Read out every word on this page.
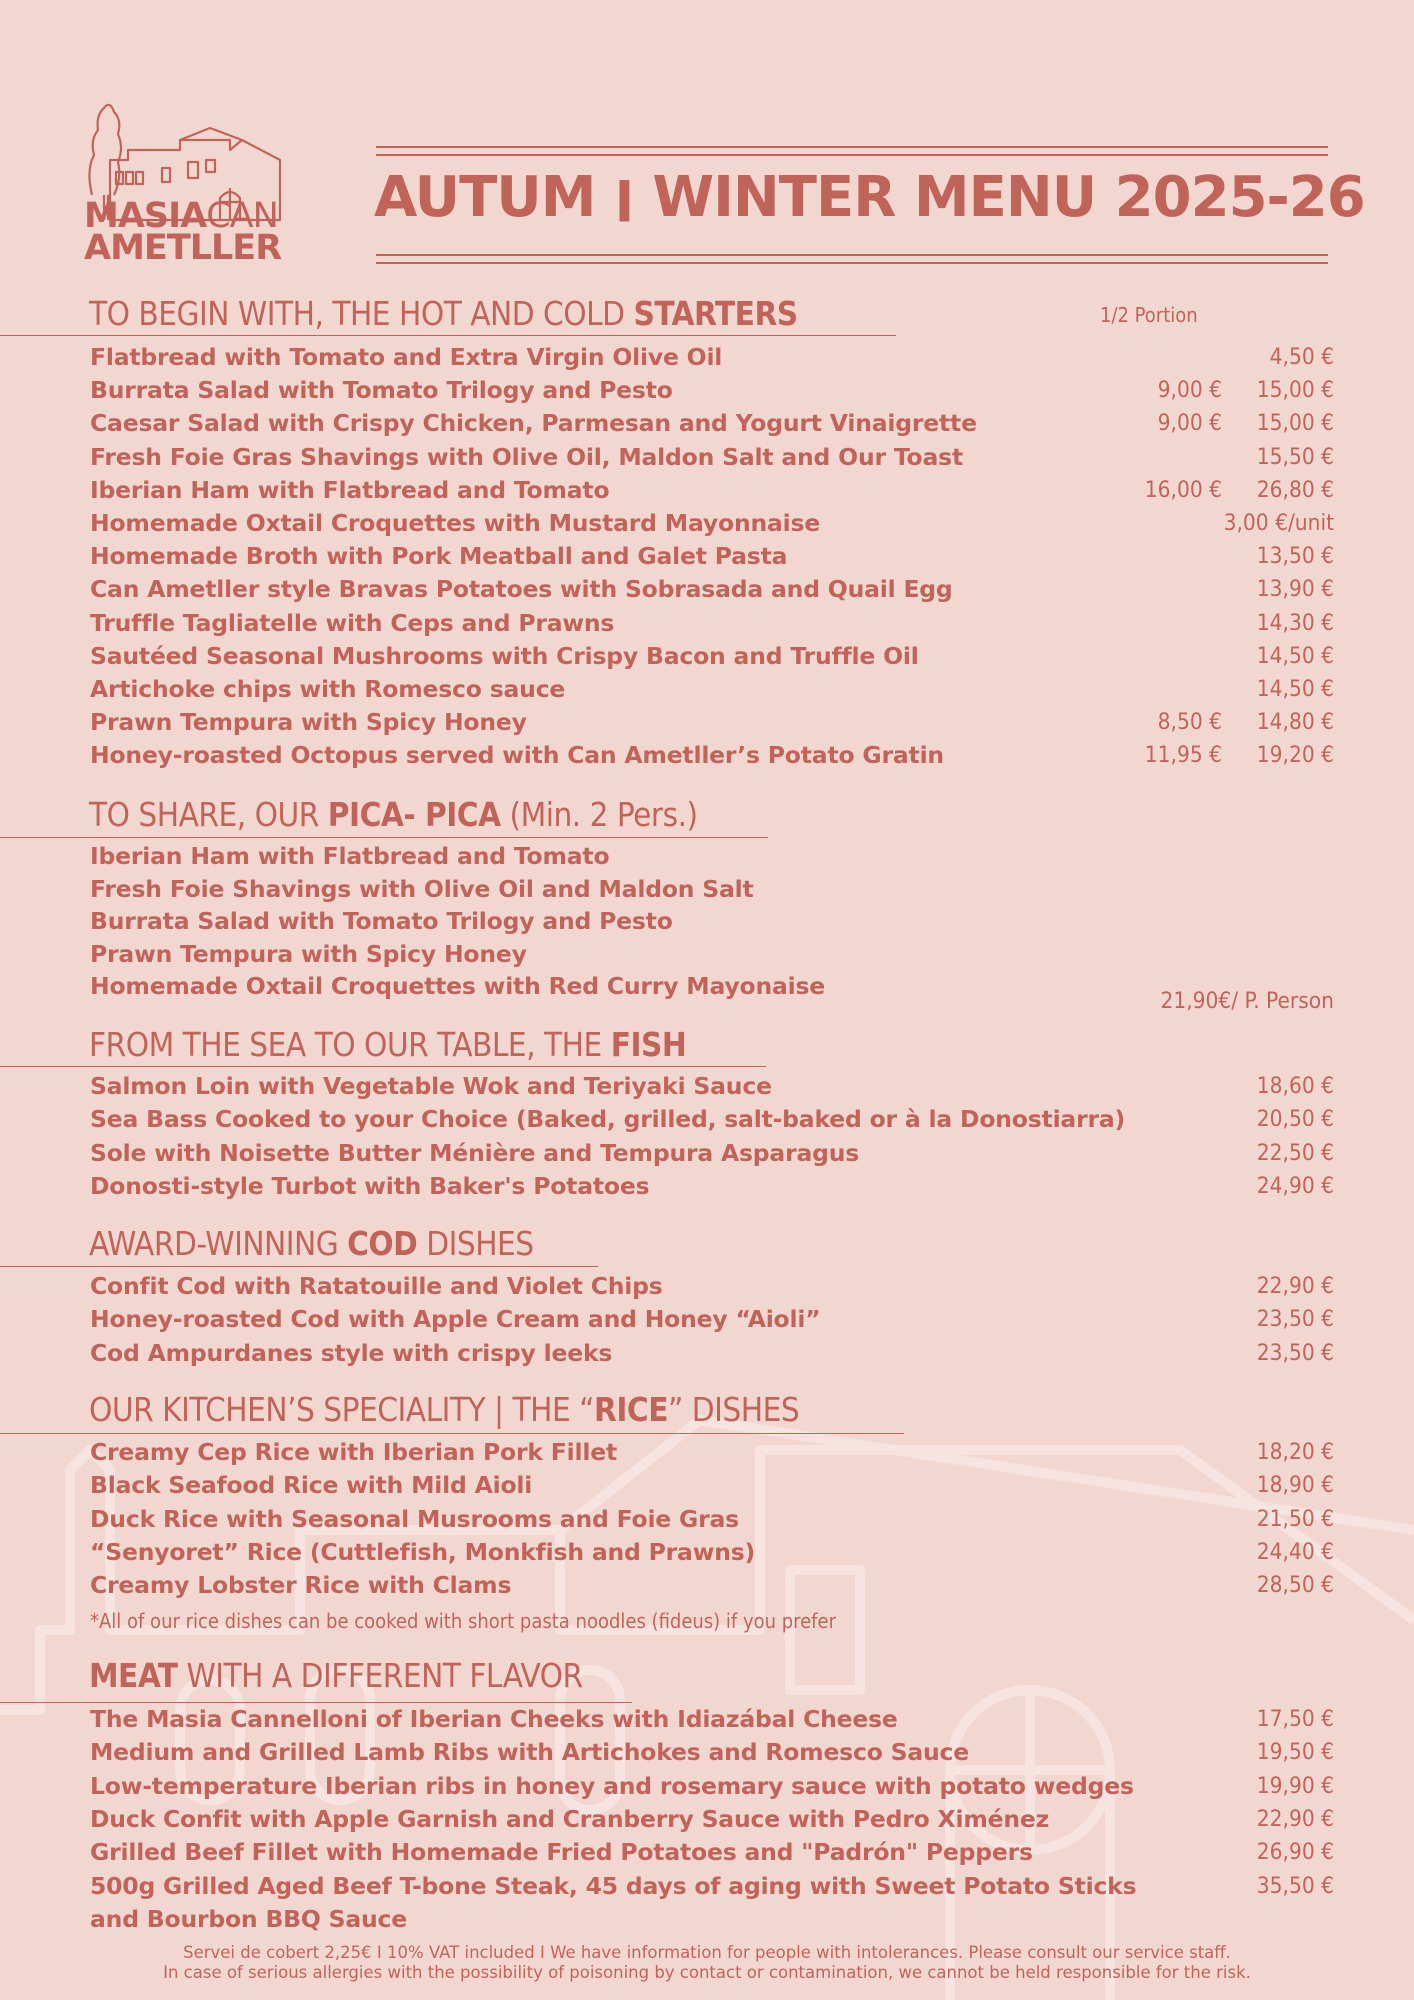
MASIACAN
AMETLLER
AUTUM ׀ WINTER MENU 2025-26
TO BEGIN WITH, THE HOT AND COLD STARTERS	1/2 Portion
Flatbread with Tomato and Extra Virgin Olive Oil	4,50 €
Burrata Salad with Tomato Trilogy and Pesto	9,00 € 15,00 €
Caesar Salad with Crispy Chicken, Parmesan and Yogurt Vinaigrette	9,00 € 15,00 €
Fresh Foie Gras Shavings with Olive Oil, Maldon Salt and Our Toast	15,50 €
Iberian Ham with Flatbread and Tomato	16,00 € 26,80 €
Homemade Oxtail Croquettes with Mustard Mayonnaise	3,00 €/unit
Homemade Broth with Pork Meatball and Galet Pasta	13,50 €
Can Ametller style Bravas Potatoes with Sobrasada and Quail Egg	13,90 €
Truffle Tagliatelle with Ceps and Prawns	14,30 €
Sautéed Seasonal Mushrooms with Crispy Bacon and Truffle Oil	14,50 €
Artichoke chips with Romesco sauce	14,50 €
Prawn Tempura with Spicy Honey	8,50 € 14,80 €
Honey-roasted Octopus served with Can Ametller’s Potato Gratin	11,95 € 19,20 €
TO SHARE, OUR PICA- PICA (Min. 2 Pers.)
Iberian Ham with Flatbread and Tomato
Fresh Foie Shavings with Olive Oil and Maldon Salt
Burrata Salad with Tomato Trilogy and Pesto
Prawn Tempura with Spicy Honey
Homemade Oxtail Croquettes with Red Curry Mayonaise
21,90€/ P. Person
FROM THE SEA TO OUR TABLE, THE FISH
Salmon Loin with Vegetable Wok and Teriyaki Sauce	18,60 €
Sea Bass Cooked to your Choice (Baked, grilled, salt-baked or à la Donostiarra)	20,50 €
Sole with Noisette Butter Ménière and Tempura Asparagus	22,50 €
Donosti-style Turbot with Baker's Potatoes	24,90 €
AWARD-WINNING COD DISHES
Confit Cod with Ratatouille and Violet Chips	22,90 €
Honey-roasted Cod with Apple Cream and Honey “Aioli”	23,50 €
Cod Ampurdanes style with crispy leeks	23,50 €
OUR KITCHEN’S SPECIALITY | THE “RICE” DISHES
Creamy Cep Rice with Iberian Pork Fillet	18,20 €
Black Seafood Rice with Mild Aioli	18,90 €
Duck Rice with Seasonal Musrooms and Foie Gras	21,50 €
“Senyoret” Rice (Cuttlefish, Monkfish and Prawns)	24,40 €
Creamy Lobster Rice with Clams	28,50 €
*All of our rice dishes can be cooked with short pasta noodles (fideus) if you prefer
MEAT WITH A DIFFERENT FLAVOR
The Masia Cannelloni of Iberian Cheeks with Idiazábal Cheese	17,50 €
Medium and Grilled Lamb Ribs with Artichokes and Romesco Sauce	19,50 €
Low-temperature Iberian ribs in honey and rosemary sauce with potato wedges	19,90 €
Duck Confit with Apple Garnish and Cranberry Sauce with Pedro Ximénez	22,90 €
Grilled Beef Fillet with Homemade Fried Potatoes and "Padrón" Peppers	26,90 €
500g Grilled Aged Beef T-bone Steak, 45 days of aging with Sweet Potato Sticks
and Bourbon BBQ Sauce
35,50 €
Servei de cobert 2,25€ I 10% VAT included I We have information for people with intolerances. Please consult our service staff.
In case of serious allergies with the possibility of poisoning by contact or contamination, we cannot be held responsible for the risk.
